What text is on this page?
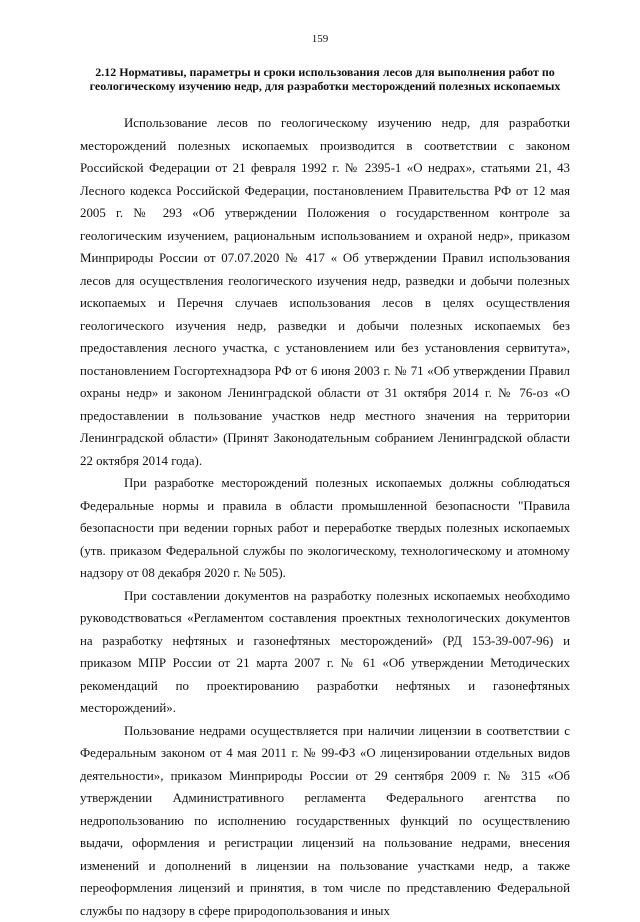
159
2.12 Нормативы, параметры и сроки использования лесов для выполнения работ по геологическому изучению недр, для разработки месторождений полезных ископаемых

Использование лесов по геологическому изучению недр, для разработки месторождений полезных ископаемых производится в соответствии с законом Российской Федерации от 21 февраля 1992 г. № 2395-1 «О недрах», статьями 21, 43 Лесного кодекса Российской Федерации, постановлением Правительства РФ от 12 мая 2005 г. № 293 «Об утверждении Положения о государственном контроле за геологическим изучением, рациональным использованием и охраной недр», приказом Минприроды России от 07.07.2020 № 417 « Об утверждении Правил использования лесов для осуществления геологического изучения недр, разведки и добычи полезных ископаемых и Перечня случаев использования лесов в целях осуществления геологического изучения недр, разведки и добычи полезных ископаемых без предоставления лесного участка, с установлением или без установления сервитута», постановлением Госгортехнадзора РФ от 6 июня 2003 г. № 71 «Об утверждении Правил охраны недр» и законом Ленинградской области от 31 октября 2014 г. № 76-оз «О предоставлении в пользование участков недр местного значения на территории Ленинградской области» (Принят Законодательным собранием Ленинградской области 22 октября 2014 года).

При разработке месторождений полезных ископаемых должны соблюдаться Федеральные нормы и правила в области промышленной безопасности "Правила безопасности при ведении горных работ и переработке твердых полезных ископаемых (утв. приказом Федеральной службы по экологическому, технологическому и атомному надзору от 08 декабря 2020 г. № 505).

При составлении документов на разработку полезных ископаемых необходимо руководствоваться «Регламентом составления проектных технологических документов на разработку нефтяных и газонефтяных месторождений» (РД 153-39-007-96) и приказом МПР России от 21 марта 2007 г. № 61 «Об утверждении Методических рекомендаций по проектированию разработки нефтяных и газонефтяных месторождений».

Пользование недрами осуществляется при наличии лицензии в соответствии с Федеральным законом от 4 мая 2011 г. № 99-ФЗ «О лицензировании отдельных видов деятельности», приказом Минприроды России от 29 сентября 2009 г. № 315 «Об утверждении Административного регламента Федерального агентства по недропользованию по исполнению государственных функций по осуществлению выдачи, оформления и регистрации лицензий на пользование недрами, внесения изменений и дополнений в лицензии на пользование участками недр, а также переоформления лицензий и принятия, в том числе по представлению Федеральной службы по надзору в сфере природопользования и иных
